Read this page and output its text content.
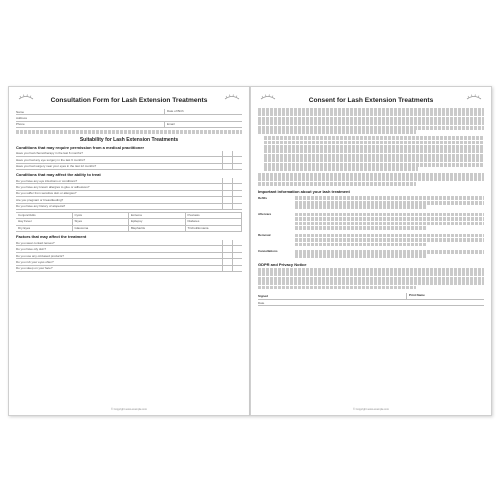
Consultation Form for Lash Extension Treatments
Name	Date of Birth
Address
Phone	Email
Suitability for Lash Extension Treatments
Conditions that may require permission from a medical practitioner
Have you had chemotherapy in the last 6 months?
Have you had any eye surgery in the last 6 months?
Have you had surgery near your eyes in the last 12 months?
Conditions that may affect the ability to treat
Do you have any eye infections or conditions?
Do you have any known allergies to glue or adhesives?
Do you suffer from sensitive skin or allergies?
Are you pregnant or breastfeeding?
Do you have any history of alopecia?
Conjunctivitis	Cysts	Eczema	Psoriasis
Hay Fever	Styes	Epilepsy	Diabetes
Dry Eyes	Glaucoma	Blepharitis	Trichotillomania
Factors that may affect the treatment
Do you wear contact lenses?
Do you have oily skin?
Do you use any oil-based products?
Do you rub your eyes often?
Do you sleep on your face?
© Copyright www.example.com
Consent for Lash Extension Treatments
Important information about your lash treatment
Refills
Aftercare
Removal
Cancellations
GDPR and Privacy Notice
Signed	Print Name
Date
© Copyright www.example.com
